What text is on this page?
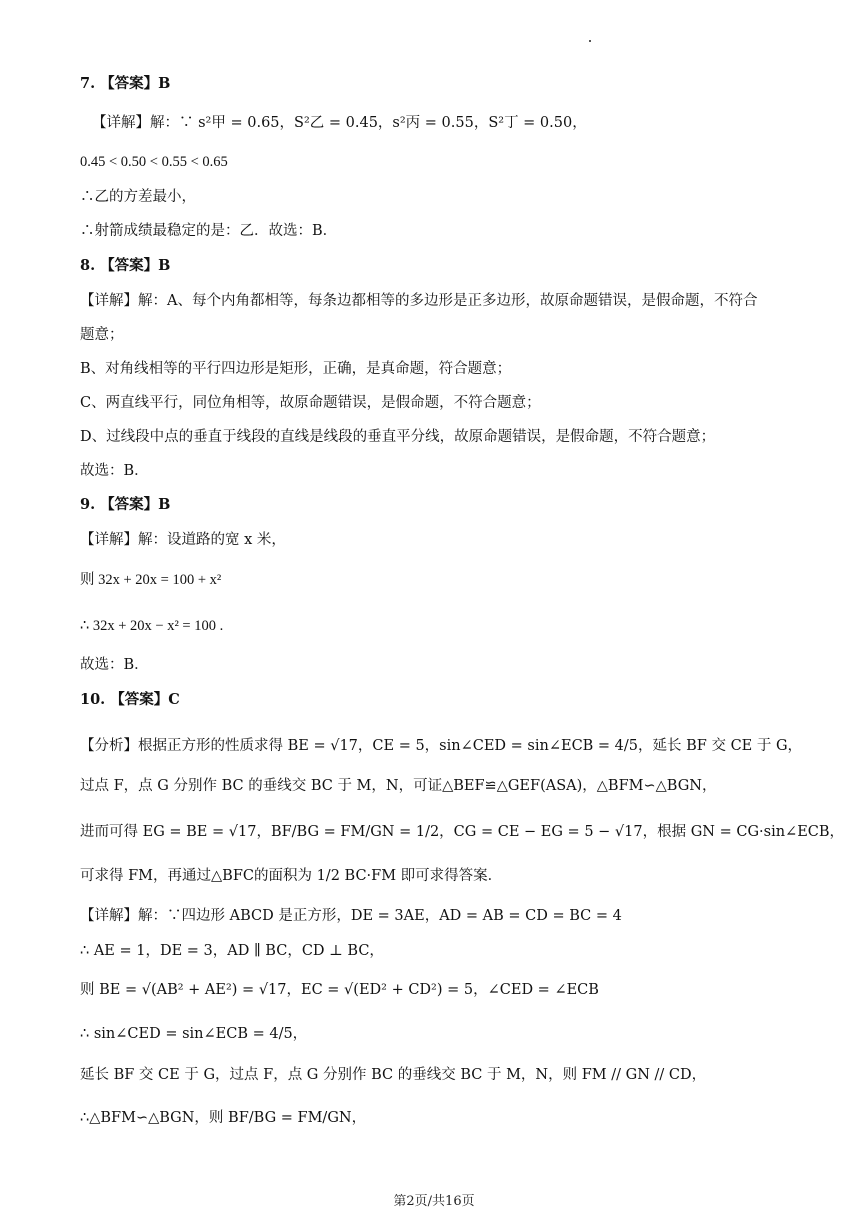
7. 【答案】B
【详解】解：∵ s²甲 = 0.65，S²乙 = 0.45，s²丙 = 0.55，S²丁 = 0.50，
0.45 < 0.50 < 0.55 < 0.65
∴乙的方差最小，
∴射箭成绩最稳定的是：乙．故选：B．
8. 【答案】B
【详解】解：A、每个内角都相等，每条边都相等的多边形是正多边形，故原命题错误，是假命题，不符合
题意；
B、对角线相等的平行四边形是矩形，正确，是真命题，符合题意；
C、两直线平行，同位角相等，故原命题错误，是假命题，不符合题意；
D、过线段中点的垂直于线段的直线是线段的垂直平分线，故原命题错误，是假命题，不符合题意；
故选：B．
9. 【答案】B
【详解】解：设道路的宽 x 米，
则 32x + 20x = 100 + x²
∴ 32x + 20x − x² = 100 .
故选：B．
10. 【答案】C
【分析】根据正方形的性质求得 BE = √17，CE = 5，sin∠CED = sin∠ECB = 4/5，延长 BF 交 CE 于 G，
过点 F，点 G 分别作 BC 的垂线交 BC 于 M，N，可证△BEF≌△GEF(ASA)，△BFM∽△BGN，
进而可得 EG = BE = √17，BF/BG = FM/GN = 1/2，CG = CE − EG = 5 − √17，根据 GN = CG·sin∠ECB，
可求得 FM，再通过△BFC的面积为 1/2 BC·FM 即可求得答案．
【详解】解：∵四边形 ABCD 是正方形，DE = 3AE，AD = AB = CD = BC = 4
∴ AE = 1，DE = 3，AD ∥ BC，CD ⊥ BC，
则 BE = √(AB² + AE²) = √17，EC = √(ED² + CD²) = 5，∠CED = ∠ECB
∴ sin∠CED = sin∠ECB = 4/5，
延长 BF 交 CE 于 G，过点 F，点 G 分别作 BC 的垂线交 BC 于 M，N，则 FM // GN // CD，
∴△BFM∽△BGN，则 BF/BG = FM/GN，
第2页/共16页
